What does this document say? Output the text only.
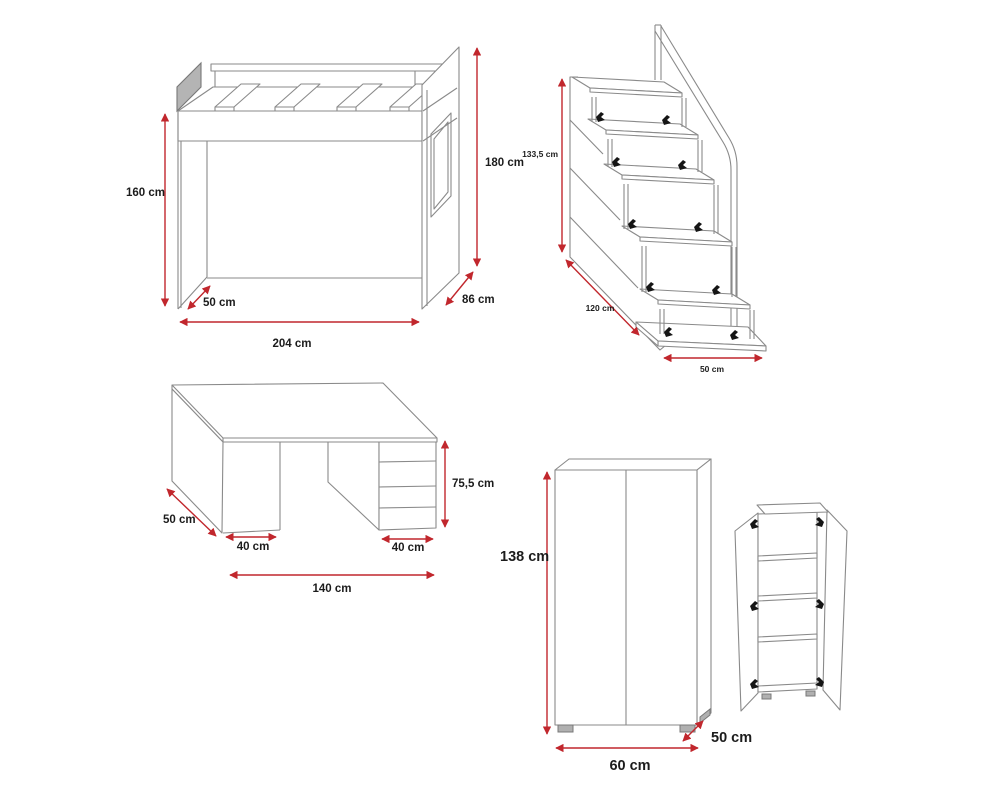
160 cm
180 cm
50 cm
204 cm
86 cm
133,5 cm
120 cm
50 cm
50 cm
40 cm	40 cm
75,5 cm
140 cm
138 cm
60 cm
50 cm
